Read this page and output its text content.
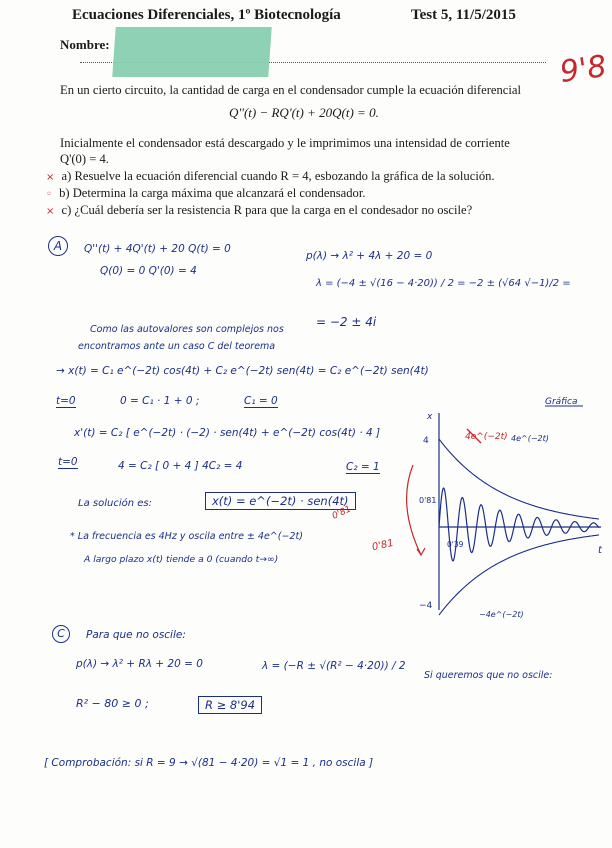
Ecuaciones Diferenciales, 1º Biotecnología	Test 5, 11/5/2015
Nombre:
9'8
En un cierto circuito, la cantidad de carga en el condensador cumple la ecuación diferencial
Q''(t) − RQ'(t) + 20Q(t) = 0.
Inicialmente el condensador está descargado y le imprimimos una intensidad de corriente
Q'(0) = 4.
× a) Resuelve la ecuación diferencial cuando R = 4, esbozando la gráfica de la solución.
◦ b) Determina la carga máxima que alcanzará el condensador.
× c) ¿Cuál debería ser la resistencia R para que la carga en el condesador no oscile?
A	Q''(t) + 4Q'(t) + 20 Q(t) = 0
Q(0) = 0 Q'(0) = 4
p(λ) → λ² + 4λ + 20 = 0
λ = (−4 ± √(16 − 4·20)) / 2 = −2 ± (√64 √−1)/2 =
= −2 ± 4i
Como las autovalores son complejos nos
encontramos ante un caso C del teorema
→ x(t) = C₁ e^(−2t) cos(4t) + C₂ e^(−2t) sen(4t) = C₂ e^(−2t) sen(4t)
t=0	0 = C₁ · 1 + 0 ;	C₁ = 0
x'(t) = C₂ [ e^(−2t) · (−2) · sen(4t) + e^(−2t) cos(4t) · 4 ]
t=0	4 = C₂ [ 0 + 4 ] 4C₂ = 4	C₂ = 1
La solución es:	x(t) = e^(−2t) · sen(4t)
* La frecuencia es 4Hz y oscila entre ± 4e^(−2t)
A largo plazo x(t) tiende a 0 (cuando t→∞)
Gráfica
x
t
4
−4
0'81
0'39
4e^(−2t)
−4e^(−2t)
4e^(−2t)
0'81
0'81
C	Para que no oscile:
p(λ) → λ² + Rλ + 20 = 0	λ = (−R ± √(R² − 4·20)) / 2
Si queremos que no oscile:
R² − 80 ≥ 0 ;	R ≥ 8'94
[ Comprobación: si R = 9 → √(81 − 4·20) = √1 = 1 , no oscila ]
